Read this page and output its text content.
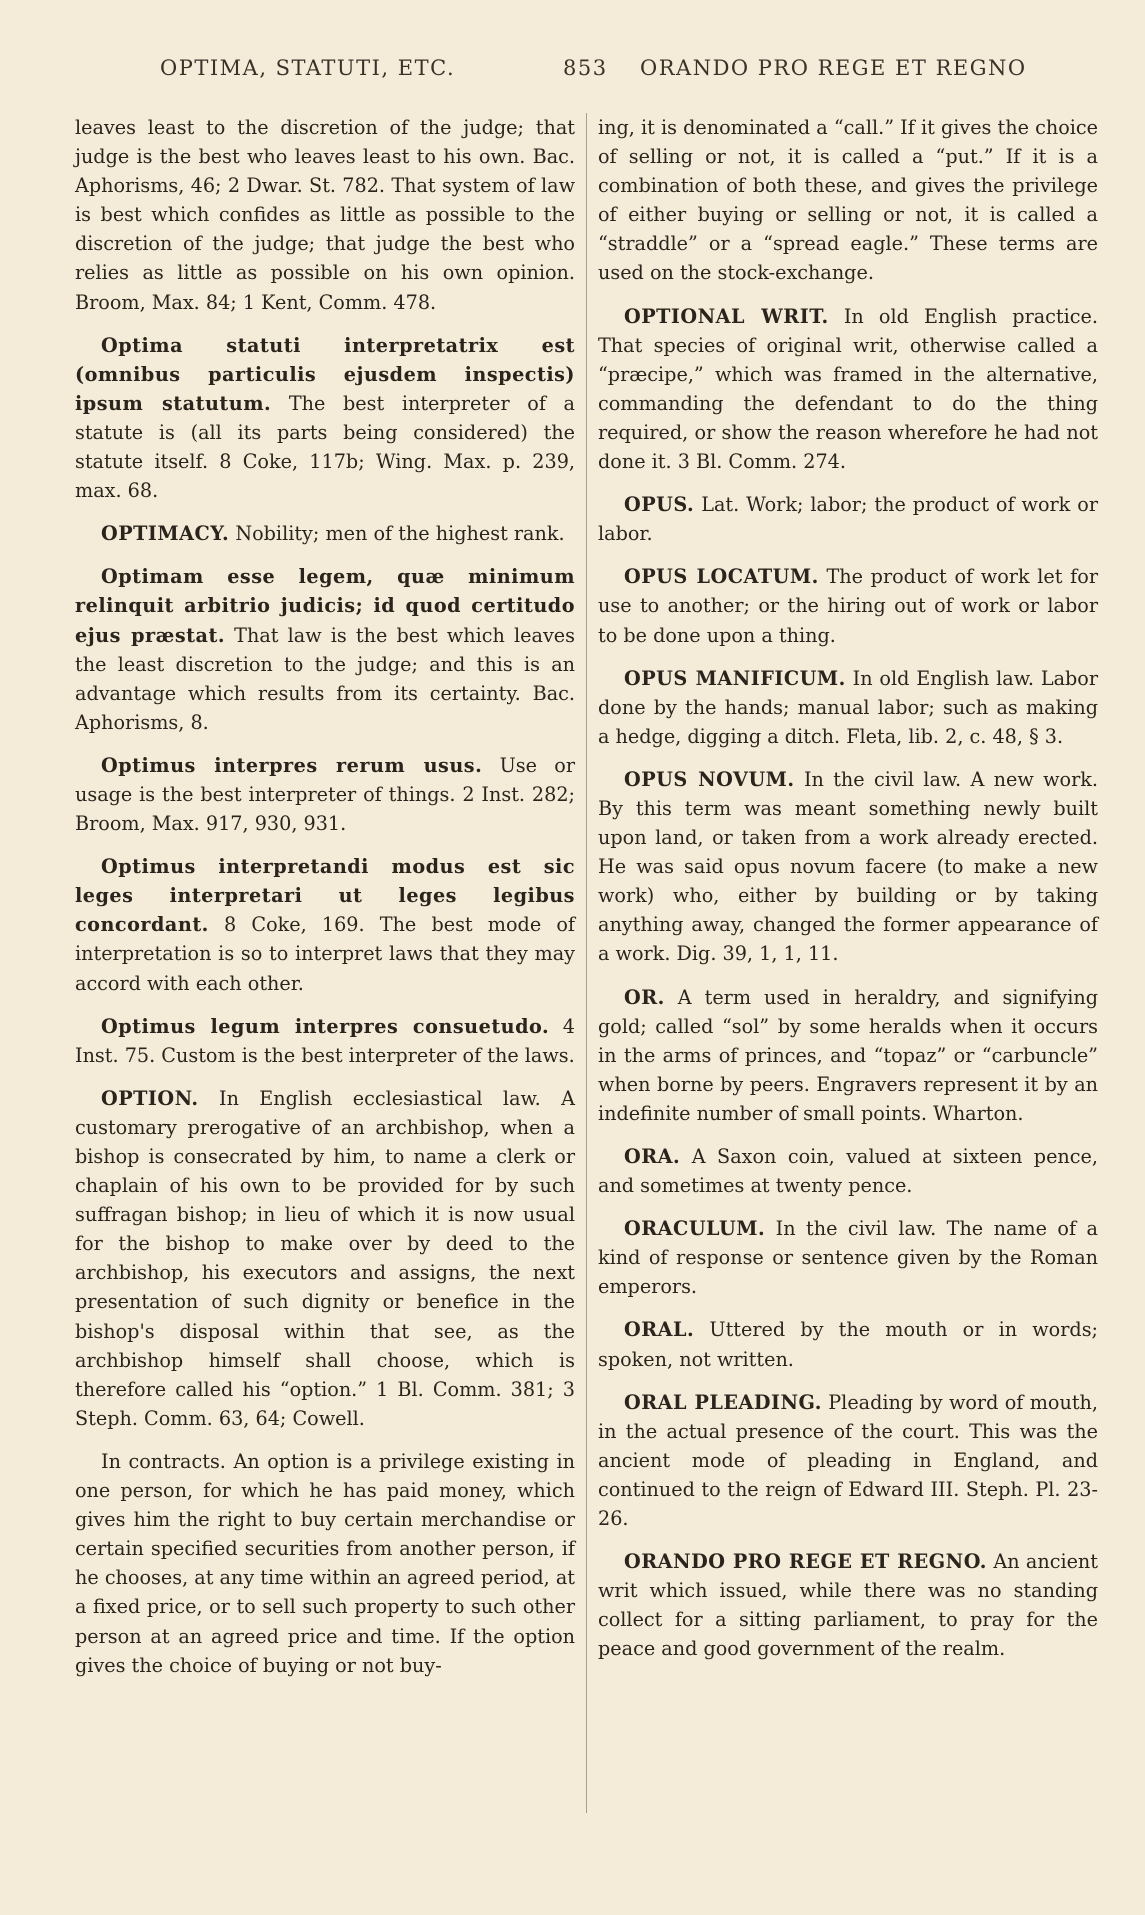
OPTIMA, STATUTI, ETC.	853 ORANDO PRO REGE ET REGNO

leaves least to the discretion of the judge; that judge is the best who leaves least to his own. Bac. Aphorisms, 46; 2 Dwar. St. 782. That system of law is best which confides as little as possible to the discretion of the judge; that judge the best who relies as little as possible on his own opinion. Broom, Max. 84; 1 Kent, Comm. 478.

Optima statuti interpretatrix est (omnibus particulis ejusdem inspectis) ipsum statutum. The best interpreter of a statute is (all its parts being considered) the statute itself. 8 Coke, 117b; Wing. Max. p. 239, max. 68.

OPTIMACY. Nobility; men of the highest rank.

Optimam esse legem, quæ minimum relinquit arbitrio judicis; id quod certitudo ejus præstat. That law is the best which leaves the least discretion to the judge; and this is an advantage which results from its certainty. Bac. Aphorisms, 8.

Optimus interpres rerum usus. Use or usage is the best interpreter of things. 2 Inst. 282; Broom, Max. 917, 930, 931.

Optimus interpretandi modus est sic leges interpretari ut leges legibus concordant. 8 Coke, 169. The best mode of interpretation is so to interpret laws that they may accord with each other.

Optimus legum interpres consuetudo. 4 Inst. 75. Custom is the best interpreter of the laws.

OPTION. In English ecclesiastical law. A customary prerogative of an archbishop, when a bishop is consecrated by him, to name a clerk or chaplain of his own to be provided for by such suffragan bishop; in lieu of which it is now usual for the bishop to make over by deed to the archbishop, his executors and assigns, the next presentation of such dignity or benefice in the bishop's disposal within that see, as the archbishop himself shall choose, which is therefore called his “option.” 1 Bl. Comm. 381; 3 Steph. Comm. 63, 64; Cowell.

In contracts. An option is a privilege existing in one person, for which he has paid money, which gives him the right to buy certain merchandise or certain specified securities from another person, if he chooses, at any time within an agreed period, at a fixed price, or to sell such property to such other person at an agreed price and time. If the option gives the choice of buying or not buy-

ing, it is denominated a “call.” If it gives the choice of selling or not, it is called a “put.” If it is a combination of both these, and gives the privilege of either buying or selling or not, it is called a “straddle” or a “spread eagle.” These terms are used on the stock-exchange.

OPTIONAL WRIT. In old English practice. That species of original writ, otherwise called a “præcipe,” which was framed in the alternative, commanding the defendant to do the thing required, or show the reason wherefore he had not done it. 3 Bl. Comm. 274.

OPUS. Lat. Work; labor; the product of work or labor.

OPUS LOCATUM. The product of work let for use to another; or the hiring out of work or labor to be done upon a thing.

OPUS MANIFICUM. In old English law. Labor done by the hands; manual labor; such as making a hedge, digging a ditch. Fleta, lib. 2, c. 48, § 3.

OPUS NOVUM. In the civil law. A new work. By this term was meant something newly built upon land, or taken from a work already erected. He was said opus novum facere (to make a new work) who, either by building or by taking anything away, changed the former appearance of a work. Dig. 39, 1, 1, 11.

OR. A term used in heraldry, and signifying gold; called “sol” by some heralds when it occurs in the arms of princes, and “topaz” or “carbuncle” when borne by peers. Engravers represent it by an indefinite number of small points. Wharton.

ORA. A Saxon coin, valued at sixteen pence, and sometimes at twenty pence.

ORACULUM. In the civil law. The name of a kind of response or sentence given by the Roman emperors.

ORAL. Uttered by the mouth or in words; spoken, not written.

ORAL PLEADING. Pleading by word of mouth, in the actual presence of the court. This was the ancient mode of pleading in England, and continued to the reign of Edward III. Steph. Pl. 23-26.

ORANDO PRO REGE ET REGNO. An ancient writ which issued, while there was no standing collect for a sitting parliament, to pray for the peace and good government of the realm.
